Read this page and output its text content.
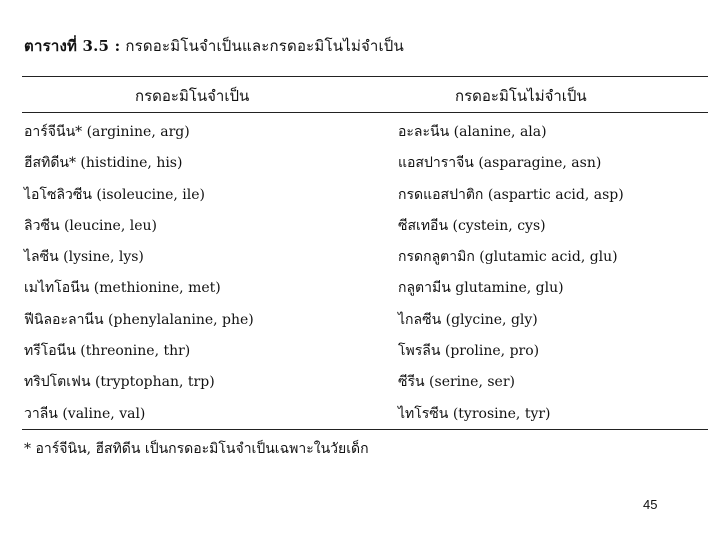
ตารางที่ 3.5 : กรดอะมิโนจำเป็นและกรดอะมิโนไม่จำเป็น
กรดอะมิโนจำเป็น	กรดอะมิโนไม่จำเป็น
อาร์จีนีน* (arginine, arg)	อะละนีน (alanine, ala)
ฮีสทิดีน* (histidine, his)	แอสปาราจีน (asparagine, asn)
ไอโซลิวซีน (isoleucine, ile)	กรดแอสปาติก (aspartic acid, asp)
ลิวซีน (leucine, leu)	ซีสเทอีน (cystein, cys)
ไลซีน (lysine, lys)	กรดกลูตามิก (glutamic acid, glu)
เมไทโอนีน (methionine, met)	กลูตามีน glutamine, glu)
ฟีนิลอะลานีน (phenylalanine, phe)	ไกลซีน (glycine, gly)
ทรีโอนีน (threonine, thr)	โพรลีน (proline, pro)
ทริปโตเฟน (tryptophan, trp)	ซีรีน (serine, ser)
วาลีน (valine, val)	ไทโรซีน (tyrosine, tyr)
* อาร์จีนิน, ฮีสทิดีน เป็นกรดอะมิโนจำเป็นเฉพาะในวัยเด็ก
45
